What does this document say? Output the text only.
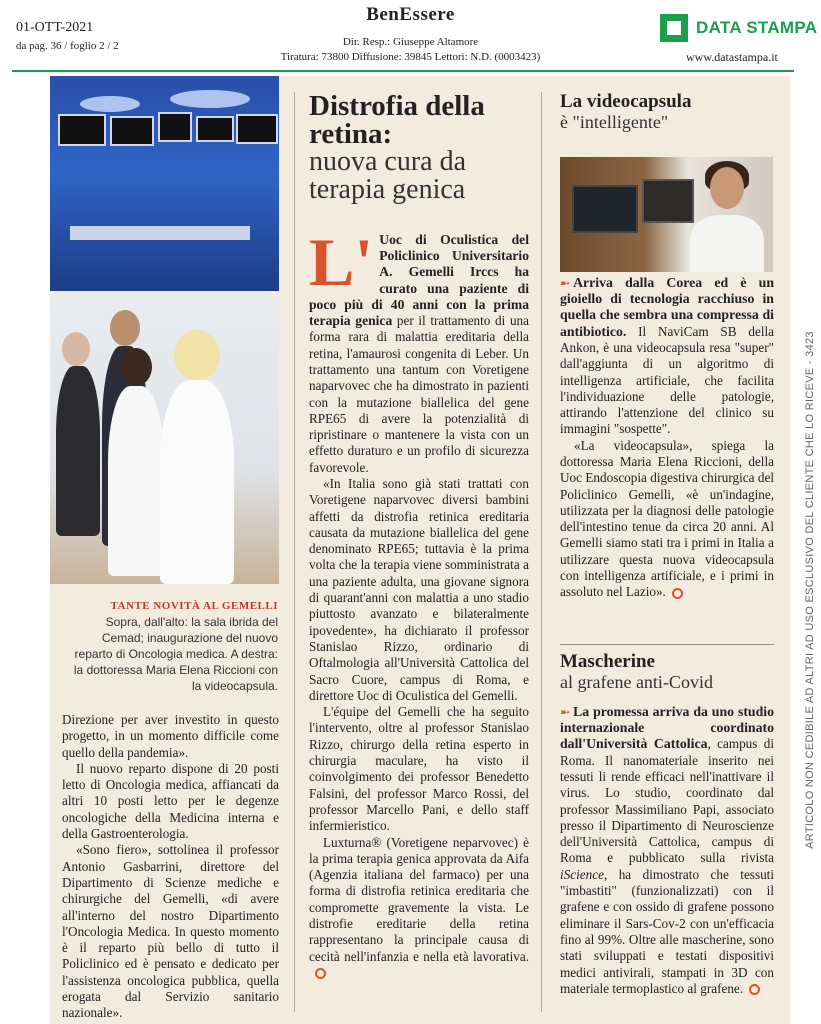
01-OTT-2021
da pag. 36 / foglio 2 / 2
BenEssere
Dir. Resp.: Giuseppe Altamore
Tiratura: 73800 Diffusione: 39845 Lettori: N.D. (0003423)
DATA STAMPA
www.datastampa.it
ARTICOLO NON CEDIBILE AD ALTRI AD USO ESCLUSIVO DEL CLIENTE CHE LO RICEVE - 3423
TANTE NOVITÀ AL GEMELLI
Sopra, dall'alto: la sala ibrida del Cemad; inaugurazione del nuovo reparto di Oncologia medica. A destra: la dottoressa Maria Elena Riccioni con la videocapsula.

Direzione per aver investito in questo progetto, in un momento difficile come quello della pandemia».

Il nuovo reparto dispone di 20 posti letto di Oncologia medica, affiancati da altri 10 posti letto per le degenze oncologiche della Medicina interna e della Gastroenterologia.

«Sono fiero», sottolinea il professor Antonio Gasbarrini, direttore del Dipartimento di Scienze mediche e chirurgiche del Gemelli, «di avere all'interno del nostro Dipartimento l'Oncologia Medica. In questo momento è il reparto più bello di tutto il Policlinico ed è pensato e dedicato per l'assistenza oncologica pubblica, quella erogata dal Servizio sanitario nazionale».

Distrofia della retina:
nuova cura da terapia genica
L' Uoc di Oculistica del Policlinico Universitario A. Gemelli Irccs ha curato una paziente di poco più di 40 anni con la prima terapia genica per il trattamento di una forma rara di malattia ereditaria della retina, l'amaurosi congenita di Leber. Un trattamento una tantum con Voretigene naparvovec che ha dimostrato in pazienti con la mutazione biallelica del gene RPE65 di avere la potenzialità di ripristinare o mantenere la vista con un effetto duraturo e un profilo di sicurezza favorevole.

«In Italia sono già stati trattati con Voretigene naparvovec diversi bambini affetti da distrofia retinica ereditaria causata da mutazione biallelica del gene denominato RPE65; tuttavia è la prima volta che la terapia viene somministrata a una paziente adulta, una giovane signora di quarant'anni con malattia a uno stadio piuttosto avanzato e bilateralmente ipovedente», ha dichiarato il professor Stanislao Rizzo, ordinario di Oftalmologia all'Università Cattolica del Sacro Cuore, campus di Roma, e direttore Uoc di Oculistica del Gemelli.

L'équipe del Gemelli che ha seguito l'intervento, oltre al professor Stanislao Rizzo, chirurgo della retina esperto in chirurgia maculare, ha visto il coinvolgimento dei professor Benedetto Falsini, del professor Marco Rossi, del professor Marcello Pani, e dello staff infermieristico.

Luxturna® (Voretigene neparvovec) è la prima terapia genica approvata da Aifa (Agenzia italiana del farmaco) per una forma di distrofia retinica ereditaria che compromette gravemente la vista. Le distrofie ereditarie della retina rappresentano la principale causa di cecità nell'infanzia e nella età lavorativa.

La videocapsula
è "intelligente"
➼ Arriva dalla Corea ed è un gioiello di tecnologia racchiuso in quella che sembra una compressa di antibiotico. Il NaviCam SB della Ankon, è una videocapsula resa "super" dall'aggiunta di un algoritmo di intelligenza artificiale, che facilita l'individuazione delle patologie, attirando l'attenzione del clinico su immagini "sospette".

«La videocapsula», spiega la dottoressa Maria Elena Riccioni, della Uoc Endoscopia digestiva chirurgica del Policlinico Gemelli, «è un'indagine, utilizzata per la diagnosi delle patologie dell'intestino tenue da circa 20 anni. Al Gemelli siamo stati tra i primi in Italia a utilizzare questa nuova videocapsula con intelligenza artificiale, e i primi in assoluto nel Lazio».

Mascherine
al grafene anti-Covid
➼ La promessa arriva da uno studio internazionale coordinato dall'Università Cattolica, campus di Roma. Il nanomateriale inserito nei tessuti li rende efficaci nell'inattivare il virus. Lo studio, coordinato dal professor Massimiliano Papi, associato presso il Dipartimento di Neuroscienze dell'Università Cattolica, campus di Roma e pubblicato sulla rivista iScience, ha dimostrato che tessuti "imbastiti" (funzionalizzati) con il grafene e con ossido di grafene possono eliminare il Sars-Cov-2 con un'efficacia fino al 99%. Oltre alle mascherine, sono stati sviluppati e testati dispositivi medici antivirali, stampati in 3D con materiale termoplastico al grafene.
